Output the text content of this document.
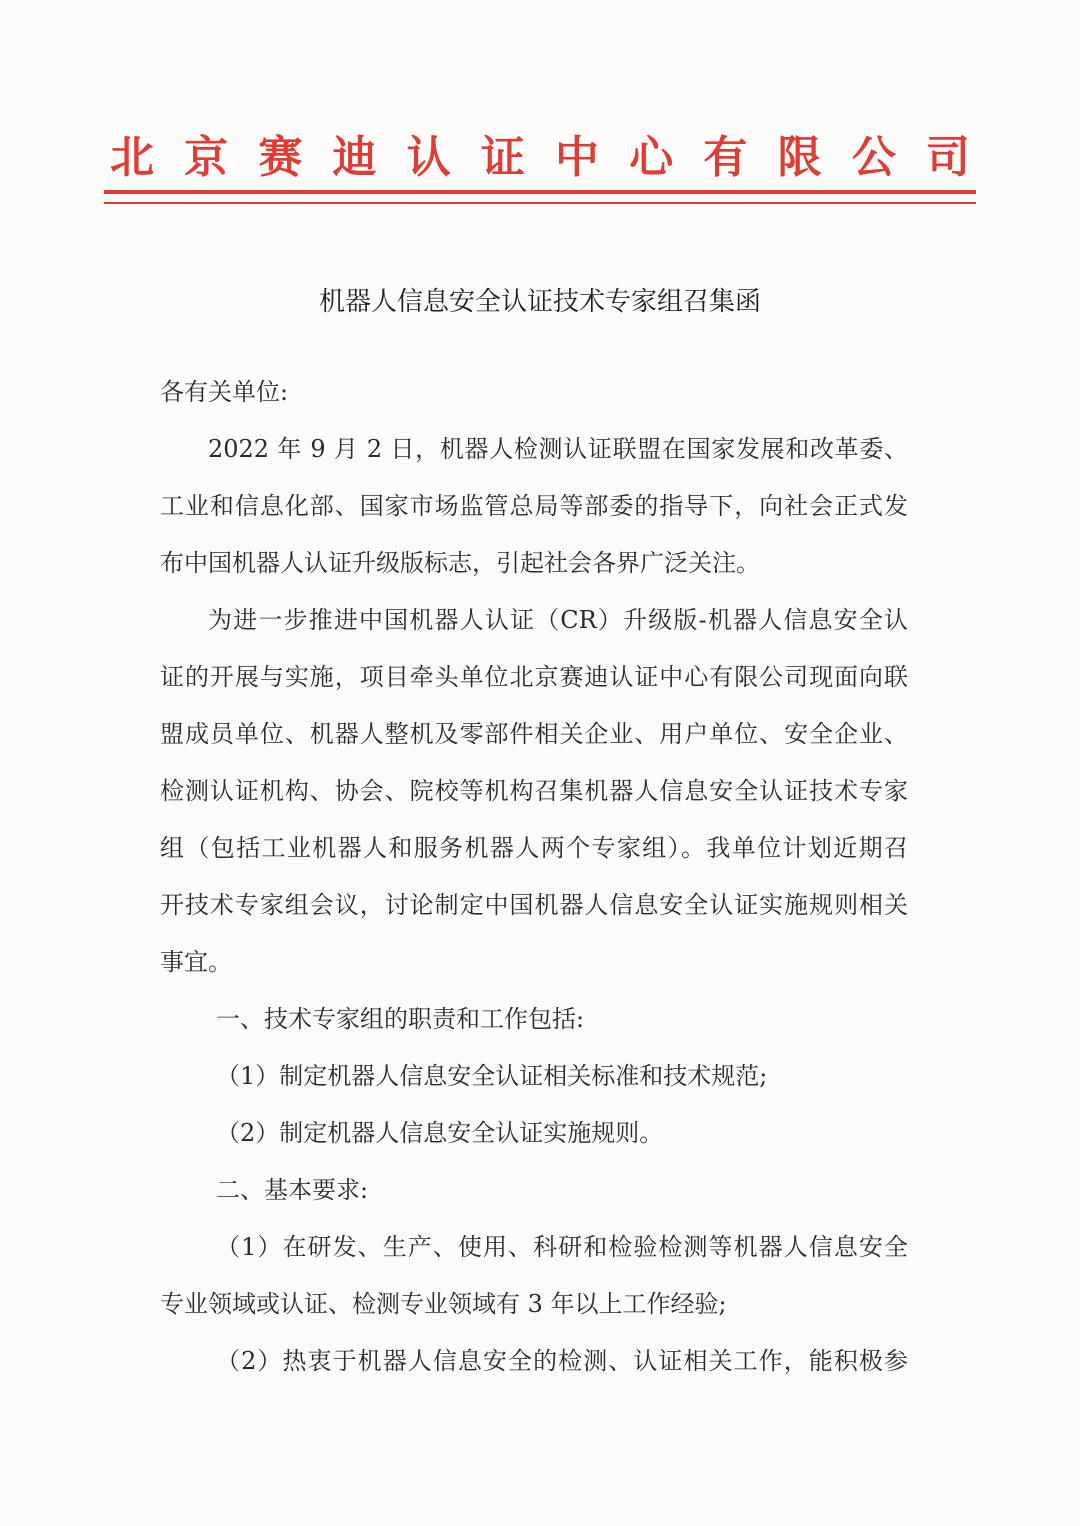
北 京 赛 迪 认 证 中 心 有 限 公 司
机器人信息安全认证技术专家组召集函
各有关单位:
2022 年 9 月 2 日，机器人检测认证联盟在国家发展和改革委、
工业和信息化部、国家市场监管总局等部委的指导下，向社会正式发
布中国机器人认证升级版标志，引起社会各界广泛关注。
为进一步推进中国机器人认证（CR）升级版-机器人信息安全认
证的开展与实施，项目牵头单位北京赛迪认证中心有限公司现面向联
盟成员单位、机器人整机及零部件相关企业、用户单位、安全企业、
检测认证机构、协会、院校等机构召集机器人信息安全认证技术专家
组（包括工业机器人和服务机器人两个专家组）。我单位计划近期召
开技术专家组会议，讨论制定中国机器人信息安全认证实施规则相关
事宜。
一、技术专家组的职责和工作包括:
（1）制定机器人信息安全认证相关标准和技术规范;
（2）制定机器人信息安全认证实施规则。
二、基本要求:
（1）在研发、生产、使用、科研和检验检测等机器人信息安全
专业领域或认证、检测专业领域有 3 年以上工作经验;
（2）热衷于机器人信息安全的检测、认证相关工作，能积极参
